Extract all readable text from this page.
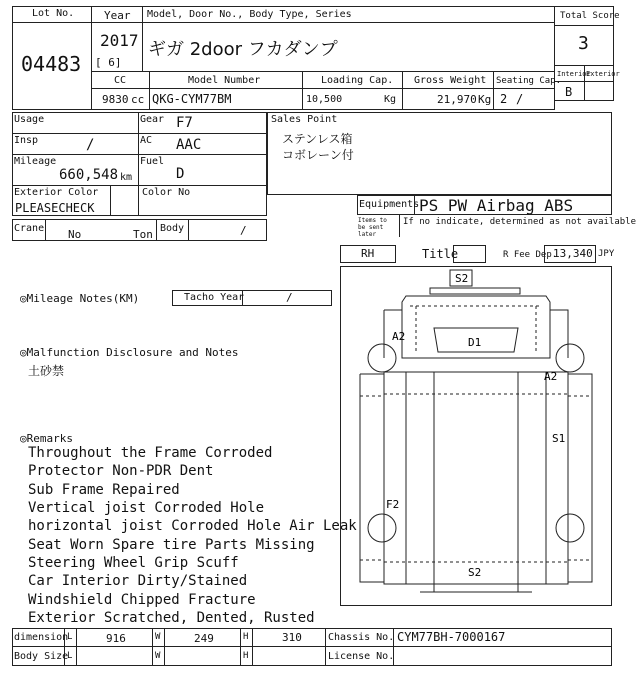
Lot No.
04483
Year
2017
[ 6]
Model, Door No., Body Type, Series
ギガ 2door フカダンプ
Total Score
3
Interior
Exterior
B
CC
9830 cc
Model Number
QKG-CYM77BM
Loading Cap.
10,500	Kg
Gross Weight
21,970 Kg
Seating Cap.
2 /
Usage	Gear F7
Insp	/	AC AAC
Mileage
660,548 km
Fuel
D
Exterior Color
PLEASECHECK
Color No
Crane No	Ton Body	/
Sales Point
ステンレス箱
コボレーン付
Equipments PS PW Airbag ABS
Items to be sent later
If no indicate, determined as not available
RH	Title	R Fee Dep.
13,340 JPY
◎Mileage Notes(KM)	Tacho Year	/
◎Malfunction Disclosure and Notes
土砂禁
◎Remarks
Throughout the Frame Corroded
Protector Non-PDR Dent
Sub Frame Repaired
Vertical joist Corroded Hole
horizontal joist Corroded Hole Air Leak
Seat Worn Spare tire Parts Missing
Steering Wheel Grip Scuff
Car Interior Dirty/Stained
Windshield Chipped Fracture
Exterior Scratched, Dented, Rusted
S2
D1
A2
A2
S1
F2
S2
dimension
L	916	W	249	H	310	Chassis No. CYM77BH-7000167
Body Size
L	W	H	License No.
